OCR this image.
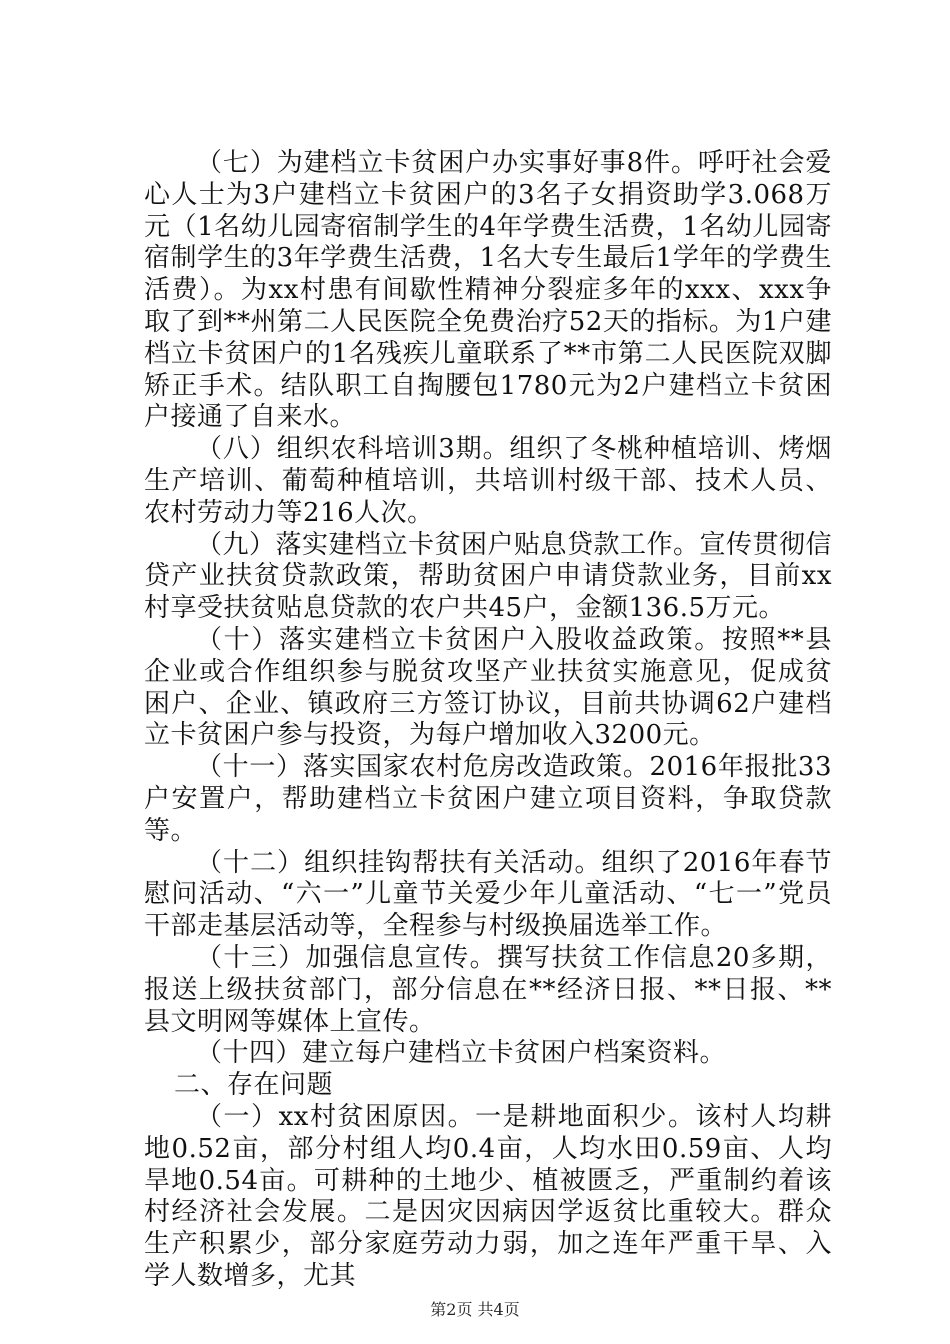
（七）为建档立卡贫困户办实事好事8件。呼吁社会爱心人士为3户建档立卡贫困户的3名子女捐资助学3.068万元（1名幼儿园寄宿制学生的4年学费生活费，1名幼儿园寄宿制学生的3年学费生活费，1名大专生最后1学年的学费生活费）。为xx村患有间歇性精神分裂症多年的xxx、xxx争取了到**州第二人民医院全免费治疗52天的指标。为1户建档立卡贫困户的1名残疾儿童联系了**市第二人民医院双脚矫正手术。结队职工自掏腰包1780元为2户建档立卡贫困户接通了自来水。

（八）组织农科培训3期。组织了冬桃种植培训、烤烟生产培训、葡萄种植培训，共培训村级干部、技术人员、农村劳动力等216人次。

（九）落实建档立卡贫困户贴息贷款工作。宣传贯彻信贷产业扶贫贷款政策，帮助贫困户申请贷款业务，目前xx村享受扶贫贴息贷款的农户共45户，金额136.5万元。

（十）落实建档立卡贫困户入股收益政策。按照**县企业或合作组织参与脱贫攻坚产业扶贫实施意见，促成贫困户、企业、镇政府三方签订协议，目前共协调62户建档立卡贫困户参与投资，为每户增加收入3200元。

（十一）落实国家农村危房改造政策。2016年报批33户安置户，帮助建档立卡贫困户建立项目资料，争取贷款等。

（十二）组织挂钩帮扶有关活动。组织了2016年春节慰问活动、“六一”儿童节关爱少年儿童活动、“七一”党员干部走基层活动等，全程参与村级换届选举工作。

（十三）加强信息宣传。撰写扶贫工作信息20多期，报送上级扶贫部门，部分信息在**经济日报、**日报、**县文明网等媒体上宣传。

（十四）建立每户建档立卡贫困户档案资料。

二、存在问题

（一）xx村贫困原因。一是耕地面积少。该村人均耕地0.52亩，部分村组人均0.4亩，人均水田0.59亩、人均旱地0.54亩。可耕种的土地少、植被匮乏，严重制约着该村经济社会发展。二是因灾因病因学返贫比重较大。群众生产积累少，部分家庭劳动力弱，加之连年严重干旱、入学人数增多，尤其

第2页 共4页
